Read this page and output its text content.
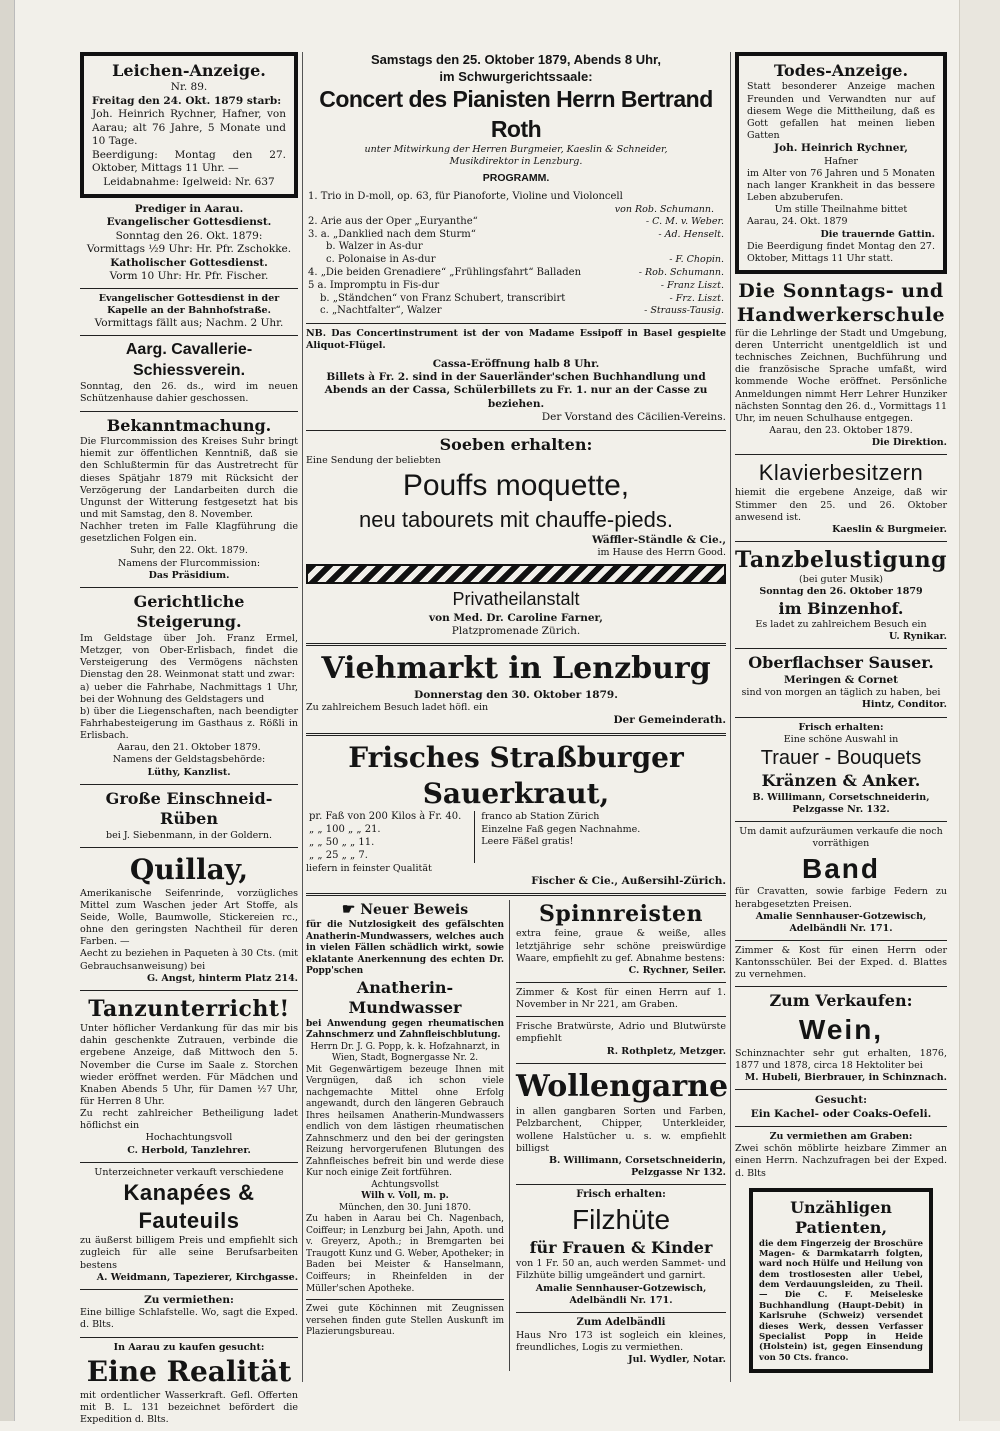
Leichen-Anzeige.
Nr. 89.
Freitag den 24. Okt. 1879 starb:
Joh. Heinrich Rychner, Hafner, von Aarau; alt 76 Jahre, 5 Monate und 10 Tage.
Beerdigung: Montag den 27. Oktober, Mittags 11 Uhr. —
Leidabnahme: Igelweid: Nr. 637
Prediger in Aarau.
Evangelischer Gottesdienst.
Sonntag den 26. Okt. 1879:
Vormittags ½9 Uhr: Hr. Pfr. Zschokke.
Katholischer Gottesdienst.
Vorm 10 Uhr: Hr. Pfr. Fischer.
Evangelischer Gottesdienst in der Kapelle an der Bahnhofstraße.
Vormittags fällt aus; Nachm. 2 Uhr.
Aarg. Cavallerie-Schiessverein.
Sonntag, den 26. ds., wird im neuen Schützenhause dahier geschossen.
Bekanntmachung.
Die Flurcommission des Kreises Suhr bringt hiemit zur öffentlichen Kenntniß, daß sie den Schlußtermin für das Austretrecht für dieses Spätjahr 1879 mit Rücksicht der Verzögerung der Landarbeiten durch die Ungunst der Witterung festgesetzt hat bis und mit Samstag, den 8. November.
Nachher treten im Falle Klagführung die gesetzlichen Folgen ein.
Suhr, den 22. Okt. 1879.
Namens der Flurcommission:
Das Präsidium.
Gerichtliche Steigerung.
Im Geldstage über Joh. Franz Ermel, Metzger, von Ober-Erlisbach, findet die Versteigerung des Vermögens nächsten Dienstag den 28. Weinmonat statt und zwar:
a) ueber die Fahrhabe, Nachmittags 1 Uhr, bei der Wohnung des Geldstagers und
b) über die Liegenschaften, nach beendigter Fahrhabesteigerung im Gasthaus z. Rößli in Erlisbach.
Aarau, den 21. Oktober 1879.
Namens der Geldstagsbehörde:
Lüthy, Kanzlist.
Große Einschneid-Rüben
bei J. Siebenmann, in der Goldern.
Quillay,
Amerikanische Seifenrinde, vorzügliches Mittel zum Waschen jeder Art Stoffe, als Seide, Wolle, Baumwolle, Stickereien rc., ohne den geringsten Nachtheil für deren Farben. —
Aecht zu beziehen in Paqueten à 30 Cts. (mit Gebrauchsanweisung) bei
G. Angst, hinterm Platz 214.
Tanzunterricht!
Unter höflicher Verdankung für das mir bis dahin geschenkte Zutrauen, verbinde die ergebene Anzeige, daß Mittwoch den 5. November die Curse im Saale z. Storchen wieder eröffnet werden. Für Mädchen und Knaben Abends 5 Uhr, für Damen ½7 Uhr, für Herren 8 Uhr.
Zu recht zahlreicher Betheiligung ladet höflichst ein
Hochachtungsvoll
C. Herbold, Tanzlehrer.
Unterzeichneter verkauft verschiedene
Kanapées & Fauteuils
zu äußerst billigem Preis und empfiehlt sich zugleich für alle seine Berufsarbeiten bestens
A. Weidmann, Tapezierer, Kirchgasse.
Zu vermiethen:
Eine billige Schlafstelle. Wo, sagt die Exped. d. Blts.
In Aarau zu kaufen gesucht:
Eine Realität
mit ordentlicher Wasserkraft. Gefl. Offerten mit B. L. 131 bezeichnet befördert die Expedition d. Blts.
Samstags den 25. Oktober 1879, Abends 8 Uhr,
im Schwurgerichtssaale:
Concert des Pianisten Herrn Bertrand Roth
unter Mitwirkung der Herren Burgmeier, Kaeslin & Schneider, Musikdirektor in Lenzburg.
PROGRAMM.
1. Trio in D-moll, op. 63, für Pianoforte, Violine und Violoncell
von Rob. Schumann.
2. Arie aus der Oper „Euryanthe“	- C. M. v. Weber.
3. a. „Danklied nach dem Sturm“	- Ad. Henselt.
b. Walzer in As-dur
c. Polonaise in As-dur	- F. Chopin.
4. „Die beiden Grenadiere“ „Frühlingsfahrt“ Balladen	- Rob. Schumann.
5 a. Impromptu in Fis-dur	- Franz Liszt.
b. „Ständchen“ von Franz Schubert, transcribirt	- Frz. Liszt.
c. „Nachtfalter“, Walzer	- Strauss-Tausig.
NB. Das Concertinstrument ist der von Madame Essipoff in Basel gespielte Aliquot-Flügel.
Cassa-Eröffnung halb 8 Uhr.
Billets à Fr. 2. sind in der Sauerländer'schen Buchhandlung und Abends an der Cassa, Schülerbillets zu Fr. 1. nur an der Casse zu beziehen.
Der Vorstand des Cäcilien-Vereins.
Soeben erhalten:
Eine Sendung der beliebten
Pouffs moquette,
neu tabourets mit chauffe-pieds.
Wäffler-Ständle & Cie.,
im Hause des Herrn Good.
Privatheilanstalt
von Med. Dr. Caroline Farner,
Platzpromenade Zürich.
Viehmarkt in Lenzburg
Donnerstag den 30. Oktober 1879.
Zu zahlreichem Besuch ladet höfl. ein
Der Gemeinderath.
Frisches Straßburger Sauerkraut,
pr. Faß von 200 Kilos à Fr. 40.
„ „ 100 „ „ 21.
„ „ 50 „ „ 11.
„ „ 25 „ „ 7.
franco ab Station Zürich
Einzelne Faß gegen Nachnahme.
Leere Fäßel gratis!
liefern in feinster Qualität
Fischer & Cie., Außersihl-Zürich.
☛ Neuer Beweis
für die Nutzlosigkeit des gefälschten Anatherin-Mundwassers, welches auch in vielen Fällen schädlich wirkt, sowie eklatante Anerkennung des echten Dr. Popp'schen
Anatherin-Mundwasser
bei Anwendung gegen rheumatischen Zahnschmerz und Zahnfleischblutung.
Herrn Dr. J. G. Popp, k. k. Hofzahnarzt, in Wien, Stadt, Bognergasse Nr. 2.
Mit Gegenwärtigem bezeuge Ihnen mit Vergnügen, daß ich schon viele nachgemachte Mittel ohne Erfolg angewandt, durch den längeren Gebrauch Ihres heilsamen Anatherin-Mundwassers endlich von dem lästigen rheumatischen Zahnschmerz und den bei der geringsten Reizung hervorgerufenen Blutungen des Zahnfleisches befreit bin und werde diese Kur noch einige Zeit fortführen.
Achtungsvollst
Wilh v. Voll, m. p.
München, den 30. Juni 1870.
Zu haben in Aarau bei Ch. Nagenbach, Coiffeur; in Lenzburg bei Jahn, Apoth. und v. Greyerz, Apoth.; in Bremgarten bei Traugott Kunz und G. Weber, Apotheker; in Baden bei Meister & Hanselmann, Coiffeurs; in Rheinfelden in der Müller'schen Apotheke.
Zwei gute Köchinnen mit Zeugnissen versehen finden gute Stellen Auskunft im Plazierungsbureau.
Spinnreisten
extra feine, graue & weiße, alles letztjährige sehr schöne preiswürdige Waare, empfiehlt zu gef. Abnahme bestens:
C. Rychner, Seiler.
Zimmer & Kost für einen Herrn auf 1. November in Nr 221, am Graben.
Frische Bratwürste, Adrio und Blutwürste empfiehlt
R. Rothpletz, Metzger.
Wollengarne
in allen gangbaren Sorten und Farben, Pelzbarchent, Chipper, Unterkleider, wollene Halstücher u. s. w. empfiehlt billigst
B. Willimann, Corsetschneiderin, Pelzgasse Nr 132.
Frisch erhalten:
Filzhüte
für Frauen & Kinder
von 1 Fr. 50 an, auch werden Sammet- und Filzhüte billig umgeändert und garnirt.
Amalie Sennhauser-Gotzewisch, Adelbändli Nr. 171.
Zum Adelbändli
Haus Nro 173 ist sogleich ein kleines, freundliches, Logis zu vermiethen.
Jul. Wydler, Notar.
Todes-Anzeige.
Statt besonderer Anzeige machen Freunden und Verwandten nur auf diesem Wege die Mittheilung, daß es Gott gefallen hat meinen lieben Gatten
Joh. Heinrich Rychner,
Hafner
im Alter von 76 Jahren und 5 Monaten nach langer Krankheit in das bessere Leben abzuberufen.
Um stille Theilnahme bittet
Aarau, 24. Okt. 1879
Die trauernde Gattin.
Die Beerdigung findet Montag den 27. Oktober, Mittags 11 Uhr statt.
Die Sonntags- und Handwerkerschule
für die Lehrlinge der Stadt und Umgebung, deren Unterricht unentgeldlich ist und technisches Zeichnen, Buchführung und die französische Sprache umfaßt, wird kommende Woche eröffnet. Persönliche Anmeldungen nimmt Herr Lehrer Hunziker nächsten Sonntag den 26. d., Vormittags 11 Uhr, im neuen Schulhause entgegen.
Aarau, den 23. Oktober 1879.
Die Direktion.
Klavierbesitzern
hiemit die ergebene Anzeige, daß wir Stimmer den 25. und 26. Oktober anwesend ist.
Kaeslin & Burgmeier.
Tanzbelustigung
(bei guter Musik)
Sonntag den 26. Oktober 1879
im Binzenhof.
Es ladet zu zahlreichem Besuch ein
U. Rynikar.
Oberflachser Sauser.
Meringen & Cornet
sind von morgen an täglich zu haben, bei
Hintz, Conditor.
Frisch erhalten:
Eine schöne Auswahl in
Trauer - Bouquets
Kränzen & Anker.
B. Willimann, Corsetschneiderin, Pelzgasse Nr. 132.
Um damit aufzuräumen verkaufe die noch vorräthigen
Band
für Cravatten, sowie farbige Federn zu herabgesetzten Preisen.
Amalie Sennhauser-Gotzewisch, Adelbändli Nr. 171.
Zimmer & Kost für einen Herrn oder Kantonsschüler. Bei der Exped. d. Blattes zu vernehmen.
Zum Verkaufen:
Wein,
Schinznachter sehr gut erhalten, 1876, 1877 und 1878, circa 18 Hektoliter bei
M. Hubeli, Bierbrauer, in Schinznach.
Gesucht:
Ein Kachel- oder Coaks-Oefeli.
Zu vermiethen am Graben:
Zwei schön möblirte heizbare Zimmer an einen Herrn. Nachzufragen bei der Exped. d. Blts
Unzähligen
Patienten,
die dem Fingerzeig der Broschüre Magen- & Darmkatarrh folgten, ward noch Hülfe und Heilung von dem trostlosesten aller Uebel, dem Verdauungsleiden, zu Theil. — Die C. F. Meiseleske Buchhandlung (Haupt-Debit) in Karlsruhe (Schweiz) versendet dieses Werk, dessen Verfasser Specialist Popp in Heide (Holstein) ist, gegen Einsendung von 50 Cts. franco.
